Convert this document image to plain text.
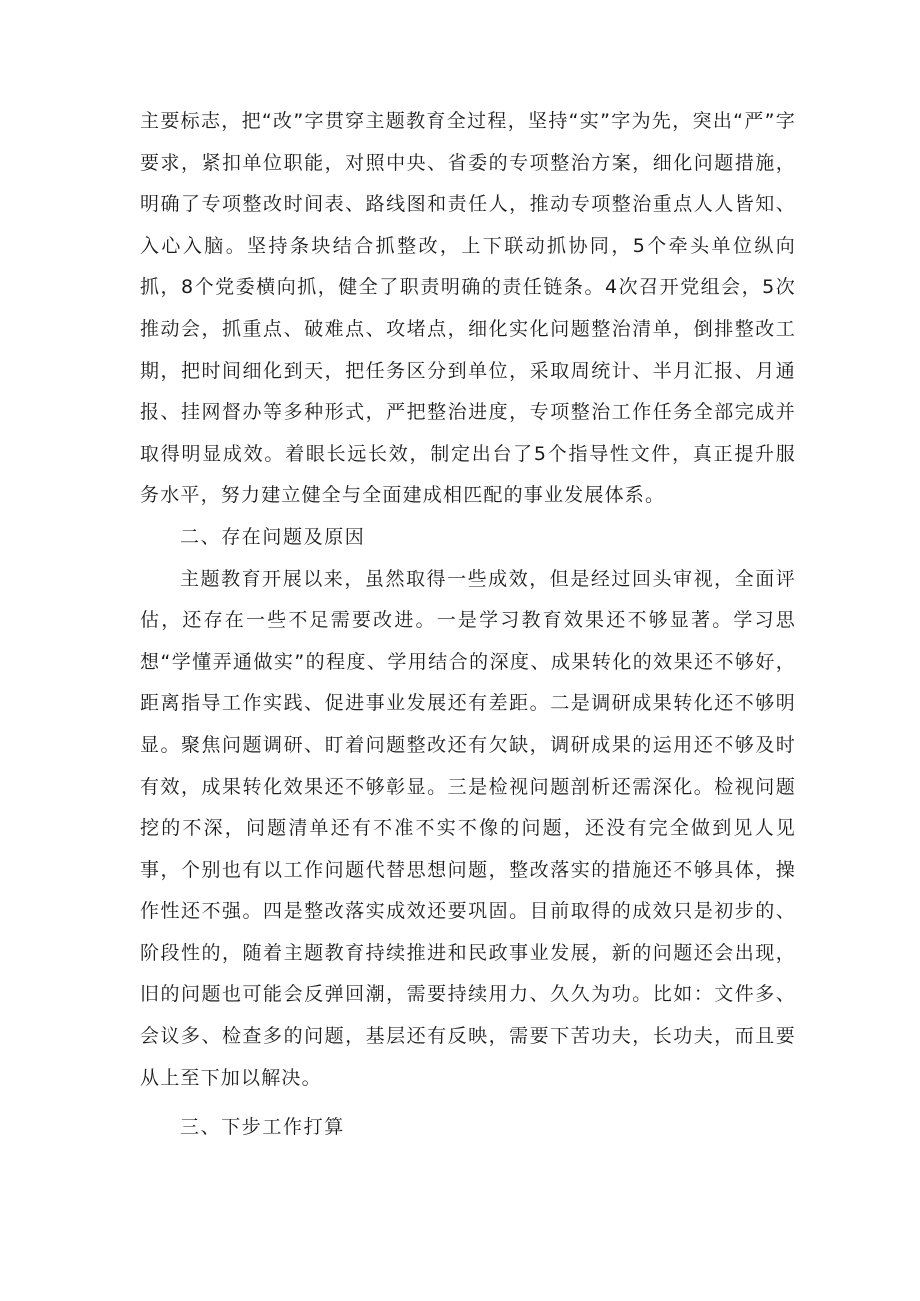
主要标志，把“改”字贯穿主题教育全过程，坚持“实”字为先，突出“严”字要求，紧扣单位职能，对照中央、省委的专项整治方案，细化问题措施，明确了专项整改时间表、路线图和责任人，推动专项整治重点人人皆知、入心入脑。坚持条块结合抓整改，上下联动抓协同，5个牵头单位纵向抓，8个党委横向抓，健全了职责明确的责任链条。4次召开党组会，5次推动会，抓重点、破难点、攻堵点，细化实化问题整治清单，倒排整改工期，把时间细化到天，把任务区分到单位，采取周统计、半月汇报、月通报、挂网督办等多种形式，严把整治进度，专项整治工作任务全部完成并取得明显成效。着眼长远长效，制定出台了5个指导性文件，真正提升服务水平，努力建立健全与全面建成相匹配的事业发展体系。

二、存在问题及原因

主题教育开展以来，虽然取得一些成效，但是经过回头审视，全面评估，还存在一些不足需要改进。一是学习教育效果还不够显著。学习思想“学懂弄通做实”的程度、学用结合的深度、成果转化的效果还不够好，距离指导工作实践、促进事业发展还有差距。二是调研成果转化还不够明显。聚焦问题调研、盯着问题整改还有欠缺，调研成果的运用还不够及时有效，成果转化效果还不够彰显。三是检视问题剖析还需深化。检视问题挖的不深，问题清单还有不准不实不像的问题，还没有完全做到见人见事，个别也有以工作问题代替思想问题，整改落实的措施还不够具体，操作性还不强。四是整改落实成效还要巩固。目前取得的成效只是初步的、阶段性的，随着主题教育持续推进和民政事业发展，新的问题还会出现，旧的问题也可能会反弹回潮，需要持续用力、久久为功。比如：文件多、会议多、检查多的问题，基层还有反映，需要下苦功夫，长功夫，而且要从上至下加以解决。

三、下步工作打算
